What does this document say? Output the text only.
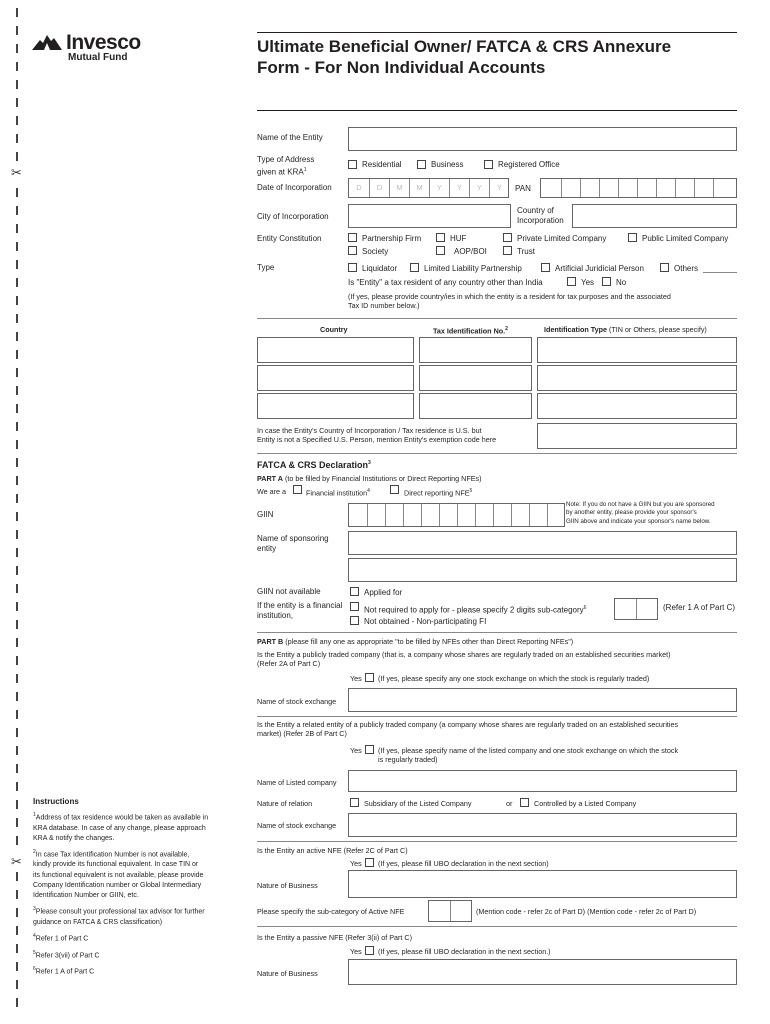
✂
✂
Invesco
Mutual Fund
Ultimate Beneficial Owner/ FATCA & CRS Annexure
Form - For Non Individual Accounts
Name of the Entity
Type of Address
given at KRA$^1$
Residential	Business	Registered Office
Date of Incorporation	D	D	M	M	Y	Y	Y	Y	PAN
City of Incorporation
Country of
Incorporation
Entity Constitution	Partnership Firm	HUF	Private Limited Company	Public Limited Company
Society	AOP/BOI	Trust
Type	Liquidator	Limited Liability Partnership	Artificial Juridicial Person	Others
Is "Entity" a tax resident of any country other than India	Yes	No
(If yes, please provide country/ies in which the entity is a resident for tax purposes and the associated
Tax ID number below.)
Country	Tax Identification No.$^2$	Identification Type (TIN or Others, please specify)
In case the Entity's Country of Incorporation / Tax residence is U.S. but
Entity is not a Specified U.S. Person, mention Entity's exemption code here
FATCA & CRS Declaration$^3$
PART A (to be filled by Financial Institutions or Direct Reporting NFEs)
We are a	Financial institution$^4$	Direct reporting NFE$^5$
GIIN
Note: If you do not have a GIIN but you are sponsored
by another entity, please provide your sponsor's
GIIN above and indicate your sponsor's name below.
Name of sponsoring
entity
GIIN not available	Applied for
If the entity is a financial
institution,
Not required to apply for - please specify 2 digits sub-category$^6$	(Refer 1 A of Part C)
Not obtained - Non-participating FI
PART B (please fill any one as appropriate "to be filled by NFEs other than Direct Reporting NFEs")
Is the Entity a publicly traded company (that is, a company whose shares are regularly traded on an established securities market)
(Refer 2A of Part C)
Yes (If yes, please specify any one stock exchange on which the stock is regularly traded)
Name of stock exchange
Is the Entity a related entity of a publicly traded company (a company whose shares are regularly traded on an established securities
market) (Refer 2B of Part C)
Yes (If yes, please specify name of the listed company and one stock exchange on which the stock
is regularly traded)
Name of Listed company
Nature of relation	Subsidiary of the Listed Company	or	Controlled by a Listed Company
Name of stock exchange
Is the Entity an active NFE (Refer 2C of Part C)
Yes (If yes, please fill UBO declaration in the next section)
Nature of Business
Please specify the sub-category of Active NFE	(Mention code - refer 2c of Part D) (Mention code - refer 2c of Part D)
Is the Entity a passive NFE (Refer 3(ii) of Part C)
Yes (If yes, please fill UBO declaration in the next section.)
Nature of Business
Instructions
$^1$Address of tax residence would be taken as available in
KRA database. In case of any change, please approach
KRA & notify the changes.
$^2$In case Tax Identification Number is not available,
kindly provide its functional equivalent. In case TIN or
its functional equivalent is not available, please provide
Company Identification number or Global Intermediary
Identification Number or GIIN, etc.
$^3$Please consult your professional tax advisor for further
guidance on FATCA & CRS classification)
$^4$Refer 1 of Part C
$^5$Refer 3(vii) of Part C
$^6$Refer 1 A of Part C
